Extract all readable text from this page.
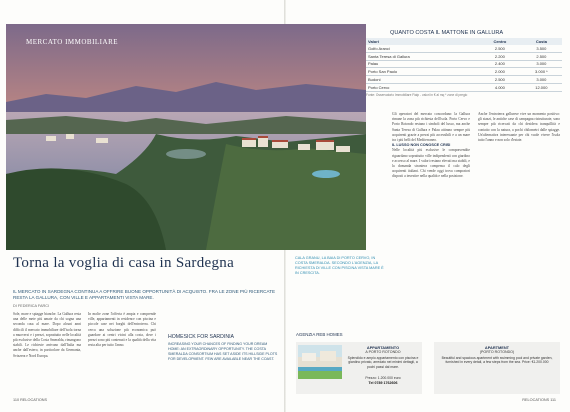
MERCATO IMMOBILIARE
Torna la voglia di casa in Sardegna
IL MERCATO IN SARDEGNA CONTINUA A OFFRIRE BUONE OPPORTUNITÀ DI ACQUISTO. FRA LE ZONE PIÙ RICERCATE RESTA LA GALLURA, CON VILLE E APPARTAMENTI VISTA MARE.
DI FEDERICA FARCI
Sole, mare e spiagge bianche. La Gallura resta una delle mete più amate da chi sogna una seconda casa al mare. Dopo alcuni anni difficili il mercato immobiliare dell'isola torna a muoversi e i prezzi, soprattutto nelle località più esclusive della Costa Smeralda, rimangono stabili. Le richieste arrivano dall'Italia ma anche dall'estero, in particolare da Germania, Svizzera e Nord Europa.
In molte zone l'offerta è ampia e comprende ville, appartamenti in residence con piscina e piccole case nei borghi dell'entroterra. Chi cerca una soluzione più economica può guardare ai centri vicini alla costa, dove i prezzi sono più contenuti e la qualità della vita resta alta per tutto l'anno.
HOMESICK FOR SARDINIA
INCREASING YOUR CHANCES OF FINDING YOUR DREAM HOME: AN EXTRAORDINARY OPPORTUNITY. THE COSTA SMERALDA CONSORTIUM HAS SET ASIDE ITS HILLSIDE PLOTS FOR DEVELOPMENT. FEW ARE AVAILABLE NEAR THE COAST.
110 RELOCATIONS
QUANTO COSTA IL MATTONE IN GALLURA
Valori	Centro	Costa
Golfo Aranci	2.500	3.500
Santa Teresa di Gallura	2.200	2.500
Palau	2.400	3.000
Porto San Paolo	2.000	3.000 *
Budoni	2.500	3.000
Porto Cervo	4.000	12.000
Fonte: Osservatorio Immobiliare Fiaip - valori in € al mq * zone di pregio
CALA GRANU, LA BAIA DI PORTO CERVO, IN COSTA SMERALDA. SECONDO L'AGENZIA, LA RICHIESTA DI VILLE CON PISCINA VISTA MARE È IN CRESCITA.
Gli operatori del mercato concordano: la Gallura rimane la zona più richiesta dell'isola. Porto Cervo e Porto Rotondo restano i simboli del lusso, ma anche Santa Teresa di Gallura e Palau attirano sempre più acquirenti grazie a prezzi più accessibili e a un mare tra i più belli del Mediterraneo.
IL LUSSO NON CONOSCE CRISI
Nelle località più esclusive le compravendite riguardano soprattutto ville indipendenti con giardino e accesso al mare. I valori restano elevati ma stabili, e la domanda straniera compensa il calo degli acquirenti italiani. Chi vende oggi trova compratori disposti a investire nella qualità e nella posizione.
Anche l'entroterra gallurese vive un momento positivo: gli stazzi, le antiche case di campagna ristrutturate, sono sempre più ricercati da chi desidera tranquillità e contatto con la natura, a pochi chilometri dalle spiagge. Un'alternativa interessante per chi vuole vivere l'isola tutto l'anno e non solo d'estate.
AGENZIA REB HOMES
APPARTAMENTO
A PORTO ROTONDO
Splendido e ampio appartamento con piscina e giardino privato, arredato nei minimi dettagli, a pochi passi dal mare.
Prezzo: 1.200.000 euro
Tel 0789 1762606
APARTMENT
(PORTO ROTONDO)
Beautiful and spacious apartment with swimming pool and private garden, furnished in every detail, a few steps from the sea. Price: €1.200.000
RELOCATIONS 111
